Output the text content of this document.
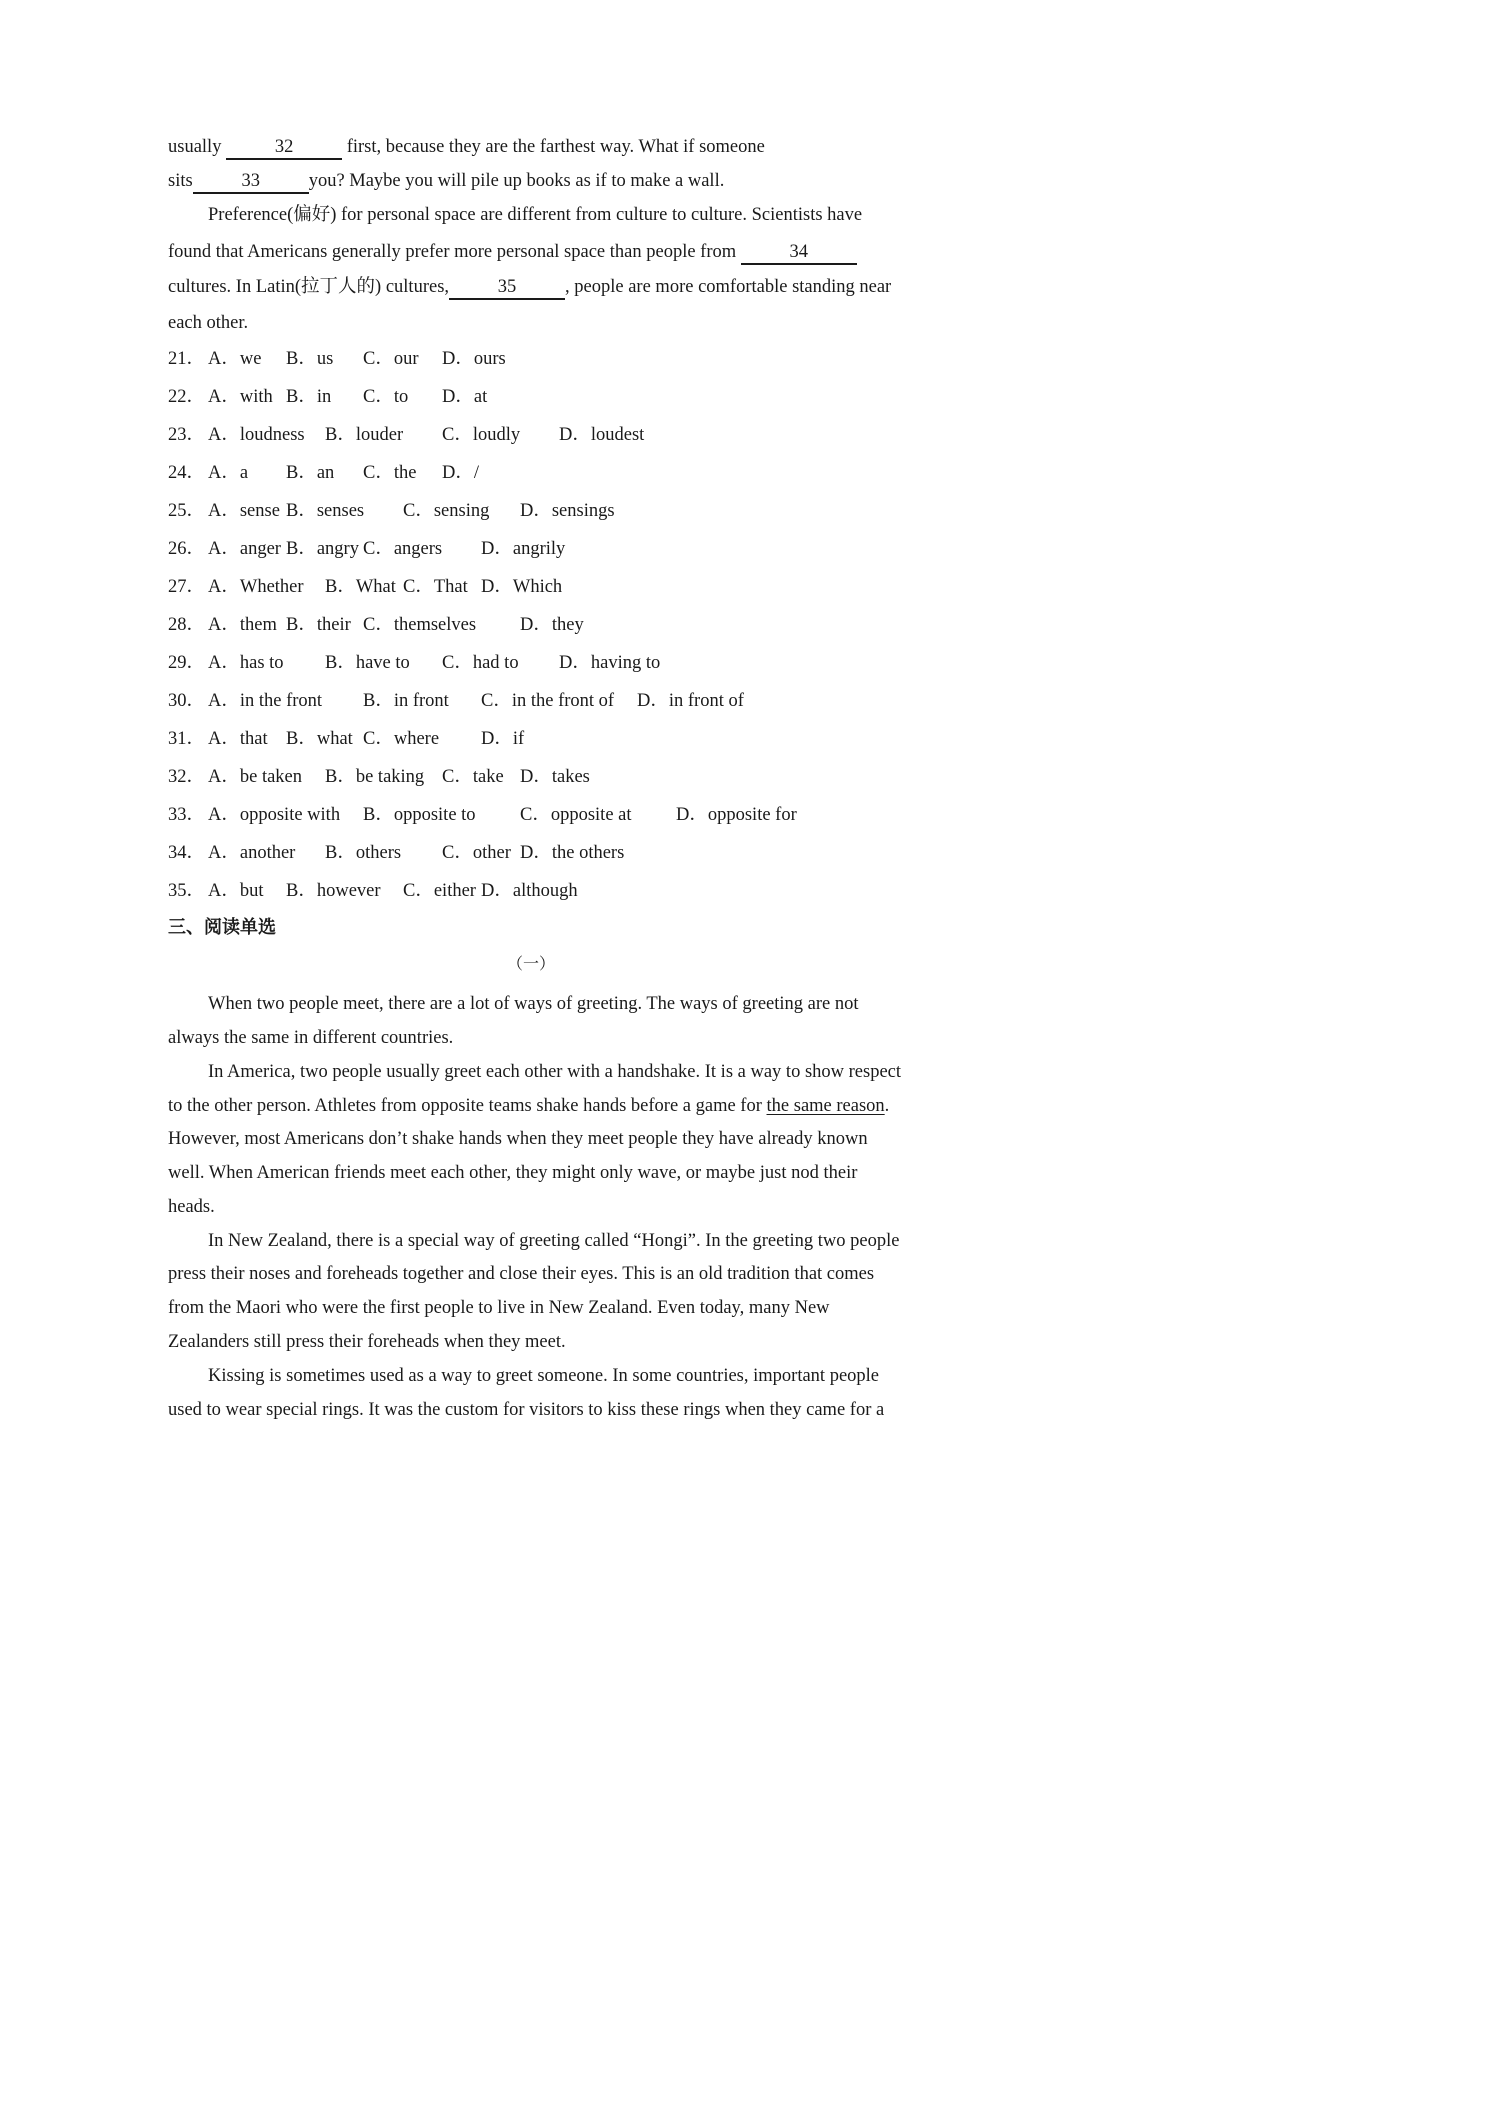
usually	32	first, because they are the farthest way. What if someone
sits	33	you? Maybe you will pile up books as if to make a wall.
Preference(偏好) for personal space are different from culture to culture. Scientists have
found that Americans generally prefer more personal space than people from	34
cultures. In Latin(拉丁人的) cultures,	35	, people are more comfortable standing near
each other.
21． A．we B．us C．our D．ours
22． A．with B．in C．to D．at
23． A．loudness B．louder C．loudly D．loudest
24． A．a B．an C．the D．/
25． A．sense B．senses C．sensing D．sensings
26． A．anger B．angry C．angers D．angrily
27． A．Whether B．What C．That D．Which
28． A．them B．their C．themselves D．they
29． A．has to B．have to C．had to D．having to
30． A．in the front B．in front C．in the front of D．in front of
31． A．that B．what C．where D．if
32． A．be taken B．be taking C．take D．takes
33． A．opposite with B．opposite to C．opposite at D．opposite for
34． A．another B．others C．other D．the others
35． A．but B．however C．either D．although
三、阅读单选
（一）
When two people meet, there are a lot of ways of greeting. The ways of greeting are not
always the same in different countries.
In America, two people usually greet each other with a handshake. It is a way to show respect
to the other person. Athletes from opposite teams shake hands before a game for the same reason.
However, most Americans don’t shake hands when they meet people they have already known
well. When American friends meet each other, they might only wave, or maybe just nod their
heads.
In New Zealand, there is a special way of greeting called “Hongi”. In the greeting two people
press their noses and foreheads together and close their eyes. This is an old tradition that comes
from the Maori who were the first people to live in New Zealand. Even today, many New
Zealanders still press their foreheads when they meet.
Kissing is sometimes used as a way to greet someone. In some countries, important people
used to wear special rings. It was the custom for visitors to kiss these rings when they came for a
